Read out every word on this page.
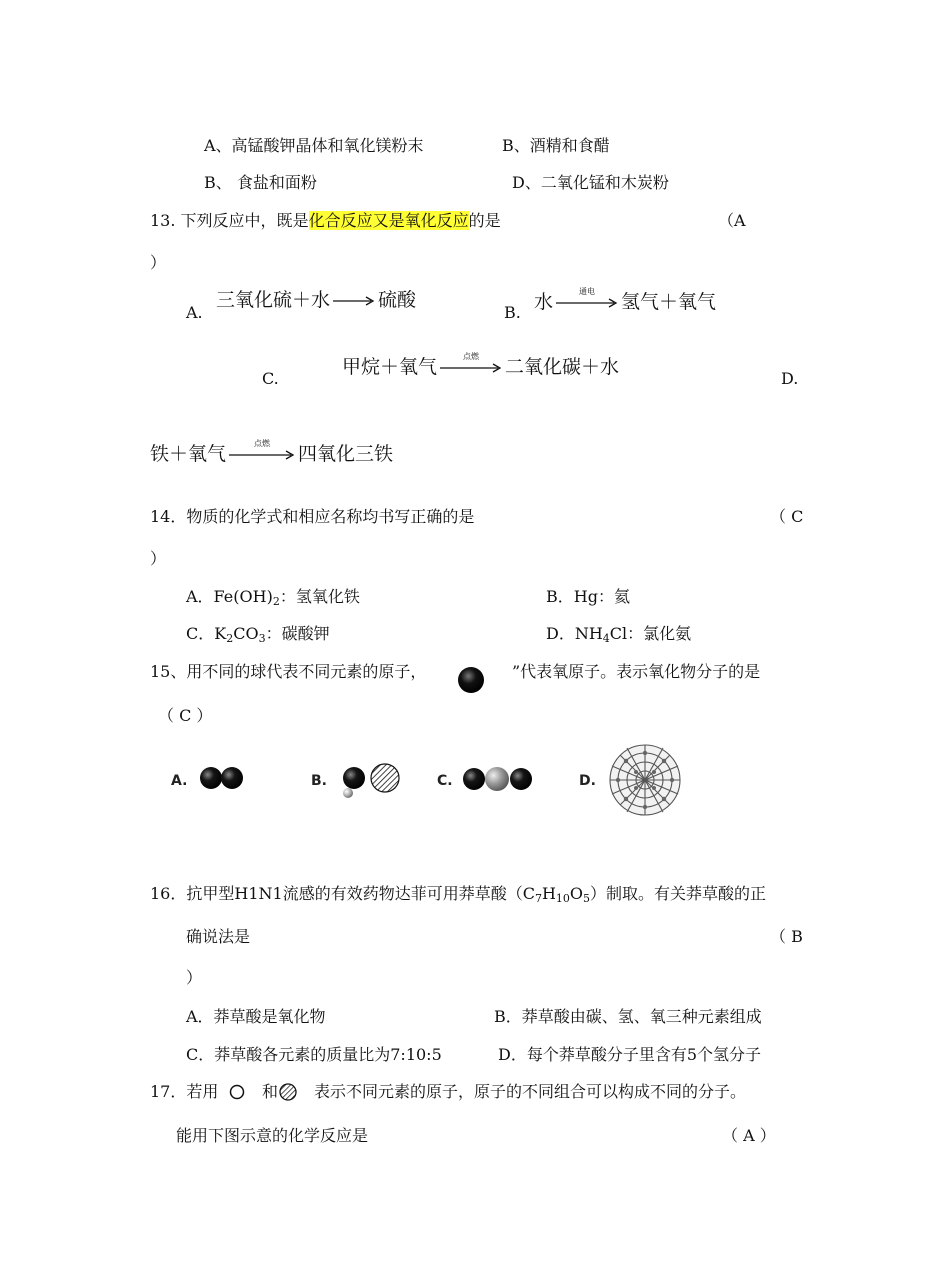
A、高锰酸钾晶体和氧化镁粉末	B、酒精和食醋
B、 食盐和面粉	D、二氧化锰和木炭粉
13. 下列反应中，既是化合反应又是氧化反应的是	（A
）
A.
三氧化硫＋水	硫酸
B. 水	通电	氢气＋氧气
C.
甲烷＋氧气	点燃	二氧化碳＋水
D.
铁＋氧气	点燃	四氧化三铁
14．物质的化学式和相应名称均书写正确的是	（ C
）
A．$Fe(OH)_2$：氢氧化铁	B．Hg：氦
C．$K_2CO_3$：碳酸钾	D．$NH_4Cl$：氯化氨
15、用不同的球代表不同元素的原子，	”代表氧原子。表示氧化物分子的是
（ C ）
A.	B.	C.	D.
16．抗甲型H1N1流感的有效药物达菲可用莽草酸$(C_7H_{10}O_5)$制取。有关莽草酸的正
确说法是	（ B
）
A．莽草酸是氧化物	B．莽草酸由碳、氢、氧三种元素组成
C．莽草酸各元素的质量比为7:10:5	D．每个莽草酸分子里含有5个氢分子
17．若用	和 表示不同元素的原子，原子的不同组合可以构成不同的分子。
能用下图示意的化学反应是	（ A ）
